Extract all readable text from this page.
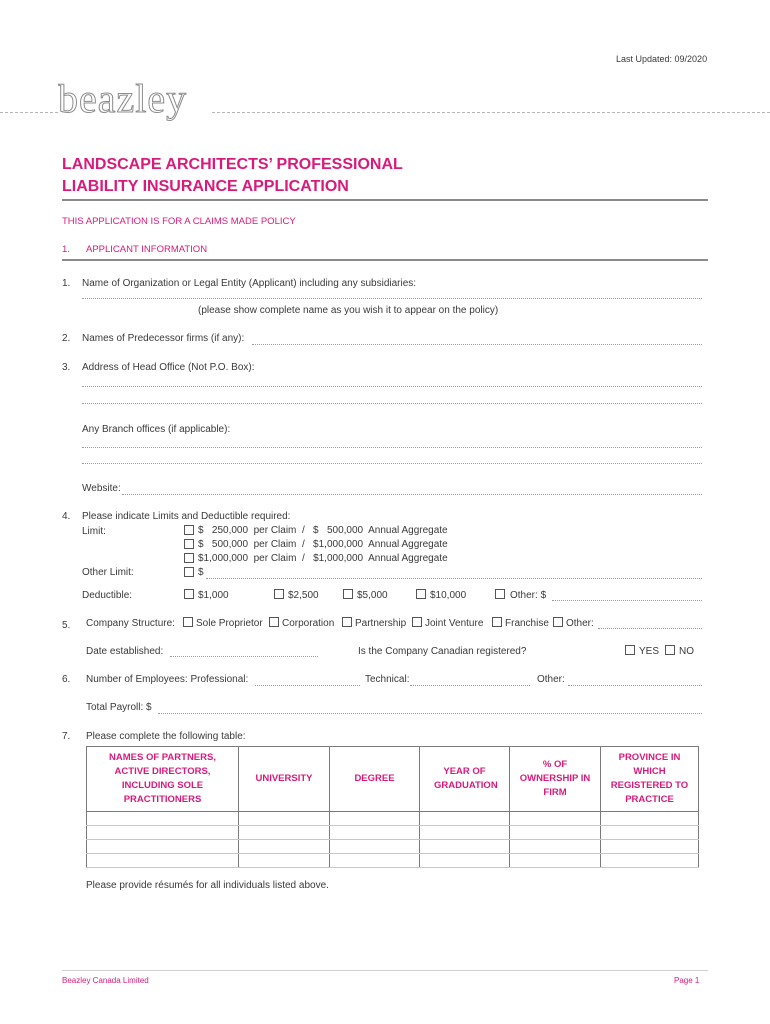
Last Updated: 09/2020
beazley
LANDSCAPE ARCHITECTS’ PROFESSIONAL
LIABILITY INSURANCE APPLICATION
THIS APPLICATION IS FOR A CLAIMS MADE POLICY
1. APPLICANT INFORMATION
1. Name of Organization or Legal Entity (Applicant) including any subsidiaries:
(please show complete name as you wish it to appear on the policy)
2. Names of Predecessor firms (if any):
3. Address of Head Office (Not P.O. Box):
Any Branch offices (if applicable):
Website:
4. Please indicate Limits and Deductible required:
Limit:	$   250,000  per Claim  /   $   500,000  Annual Aggregate
$   500,000  per Claim  /   $1,000,000  Annual Aggregate
$1,000,000  per Claim  /   $1,000,000  Annual Aggregate
Other Limit:	$
Deductible:	$1,000	$2,500	$5,000	$10,000	Other: $
5. Company Structure: Sole Proprietor Corporation Partnership Joint Venture Franchise Other:
Date established:	Is the Company Canadian registered?	YES NO
6. Number of Employees: Professional:	Technical:	Other:
Total Payroll: $
7. Please complete the following table:
NAMES OF PARTNERS, ACTIVE DIRECTORS, INCLUDING SOLE PRACTITIONERS	UNIVERSITY	DEGREE	YEAR OF GRADUATION	% OF OWNERSHIP IN FIRM	PROVINCE IN WHICH REGISTERED TO PRACTICE

Please provide résumés for all individuals listed above.
Beazley Canada Limited	Page 1
